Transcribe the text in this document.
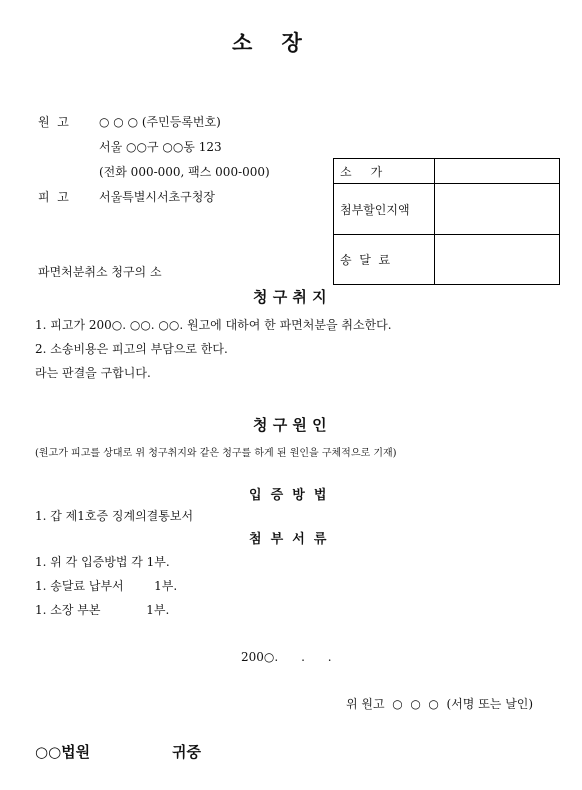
소    장
원  고	○ ○ ○ (주민등록번호)
서울 ○○구 ○○동 123
(전화 000-000, 팩스 000-000)
피  고	서울특별시서초구청장
소     가	
첨부할인지액	
송  달  료	
파면처분취소 청구의 소
청 구 취 지
1. 피고가 200○. ○○. ○○. 원고에 대하여 한 파면처분을 취소한다.
2. 소송비용은 피고의 부담으로 한다.
라는 판결을 구합니다.
청 구 원 인
(원고가 피고를 상대로 위 청구취지와 같은 청구를 하게 된 원인을 구체적으로 기재)
입  증  방  법
1. 갑 제1호증 징계의결통보서
첨  부  서  류
1. 위 각 입증방법 각 1부.
1. 송달료 납부서        1부.
1. 소장 부본            1부.
200○.      .      .
위 원고  ○  ○  ○  (서명 또는 날인)
○○법원	귀중
